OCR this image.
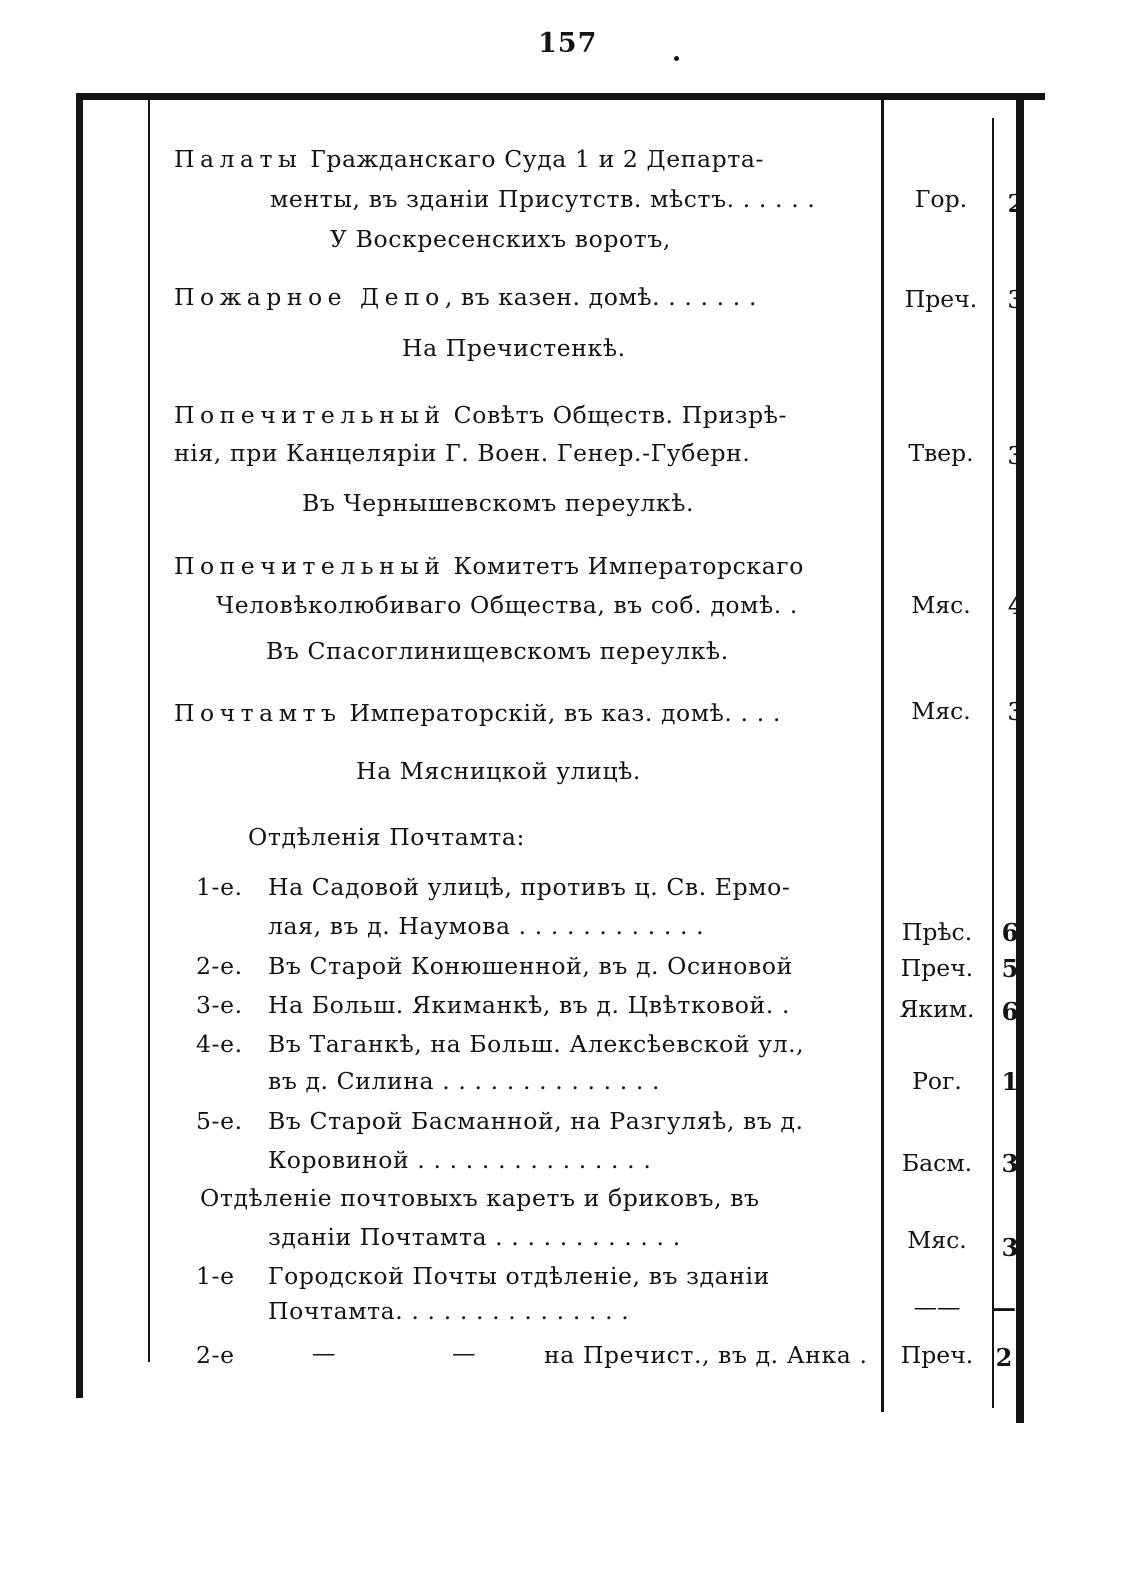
157
Палаты Гражданскаго Суда 1 и 2 Департа-
менты, въ зданіи Присутств. мѣстъ. . . . . .
У Воскресенскихъ воротъ,
Гор.	2
Пожарное Депо, въ казен. домѣ. . . . . . .
На Пречистенкѣ.
Преч.	3
Попечительный Совѣтъ Обществ. Призрѣ-
нія, при Канцеляріи Г. Воен. Генер.-Губерн.
Въ Чернышевскомъ переулкѣ.
Твер.	3
Попечительный Комитетъ Императорскаго
Человѣколюбиваго Общества, въ соб. домѣ. .
Въ Спасоглинищевскомъ переулкѣ.
Мяс.	4
Почтамтъ Императорскій, въ каз. домѣ. . . .
На Мясницкой улицѣ.
Мяс.	3
Отдѣленія Почтамта:
1-е. На Садовой улицѣ, противъ ц. Св. Ермо-
лая, въ д. Наумова . . . . . . . . . . . .	Прѣс.	6
2-е. Въ Старой Конюшенной, въ д. Осиновой	Преч.	5
3-е. На Больш. Якиманкѣ, въ д. Цвѣтковой. .	Яким.	6
4-е. Въ Таганкѣ, на Больш. Алексѣевской ул.,
въ д. Силина . . . . . . . . . . . . . .	Рог.	1
5-е. Въ Старой Басманной, на Разгуляѣ, въ д.
Коровиной . . . . . . . . . . . . . . .	Басм.	3
Отдѣленіе почтовыхъ каретъ и бриковъ, въ
зданіи Почтамта . . . . . . . . . . . .	Мяс.	3
1-е Городской Почты отдѣленіе, въ зданіи
Почтамта. . . . . . . . . . . . . . .	——	—
2-е	—	—	на Пречист., въ д. Анка .	Преч. 2
